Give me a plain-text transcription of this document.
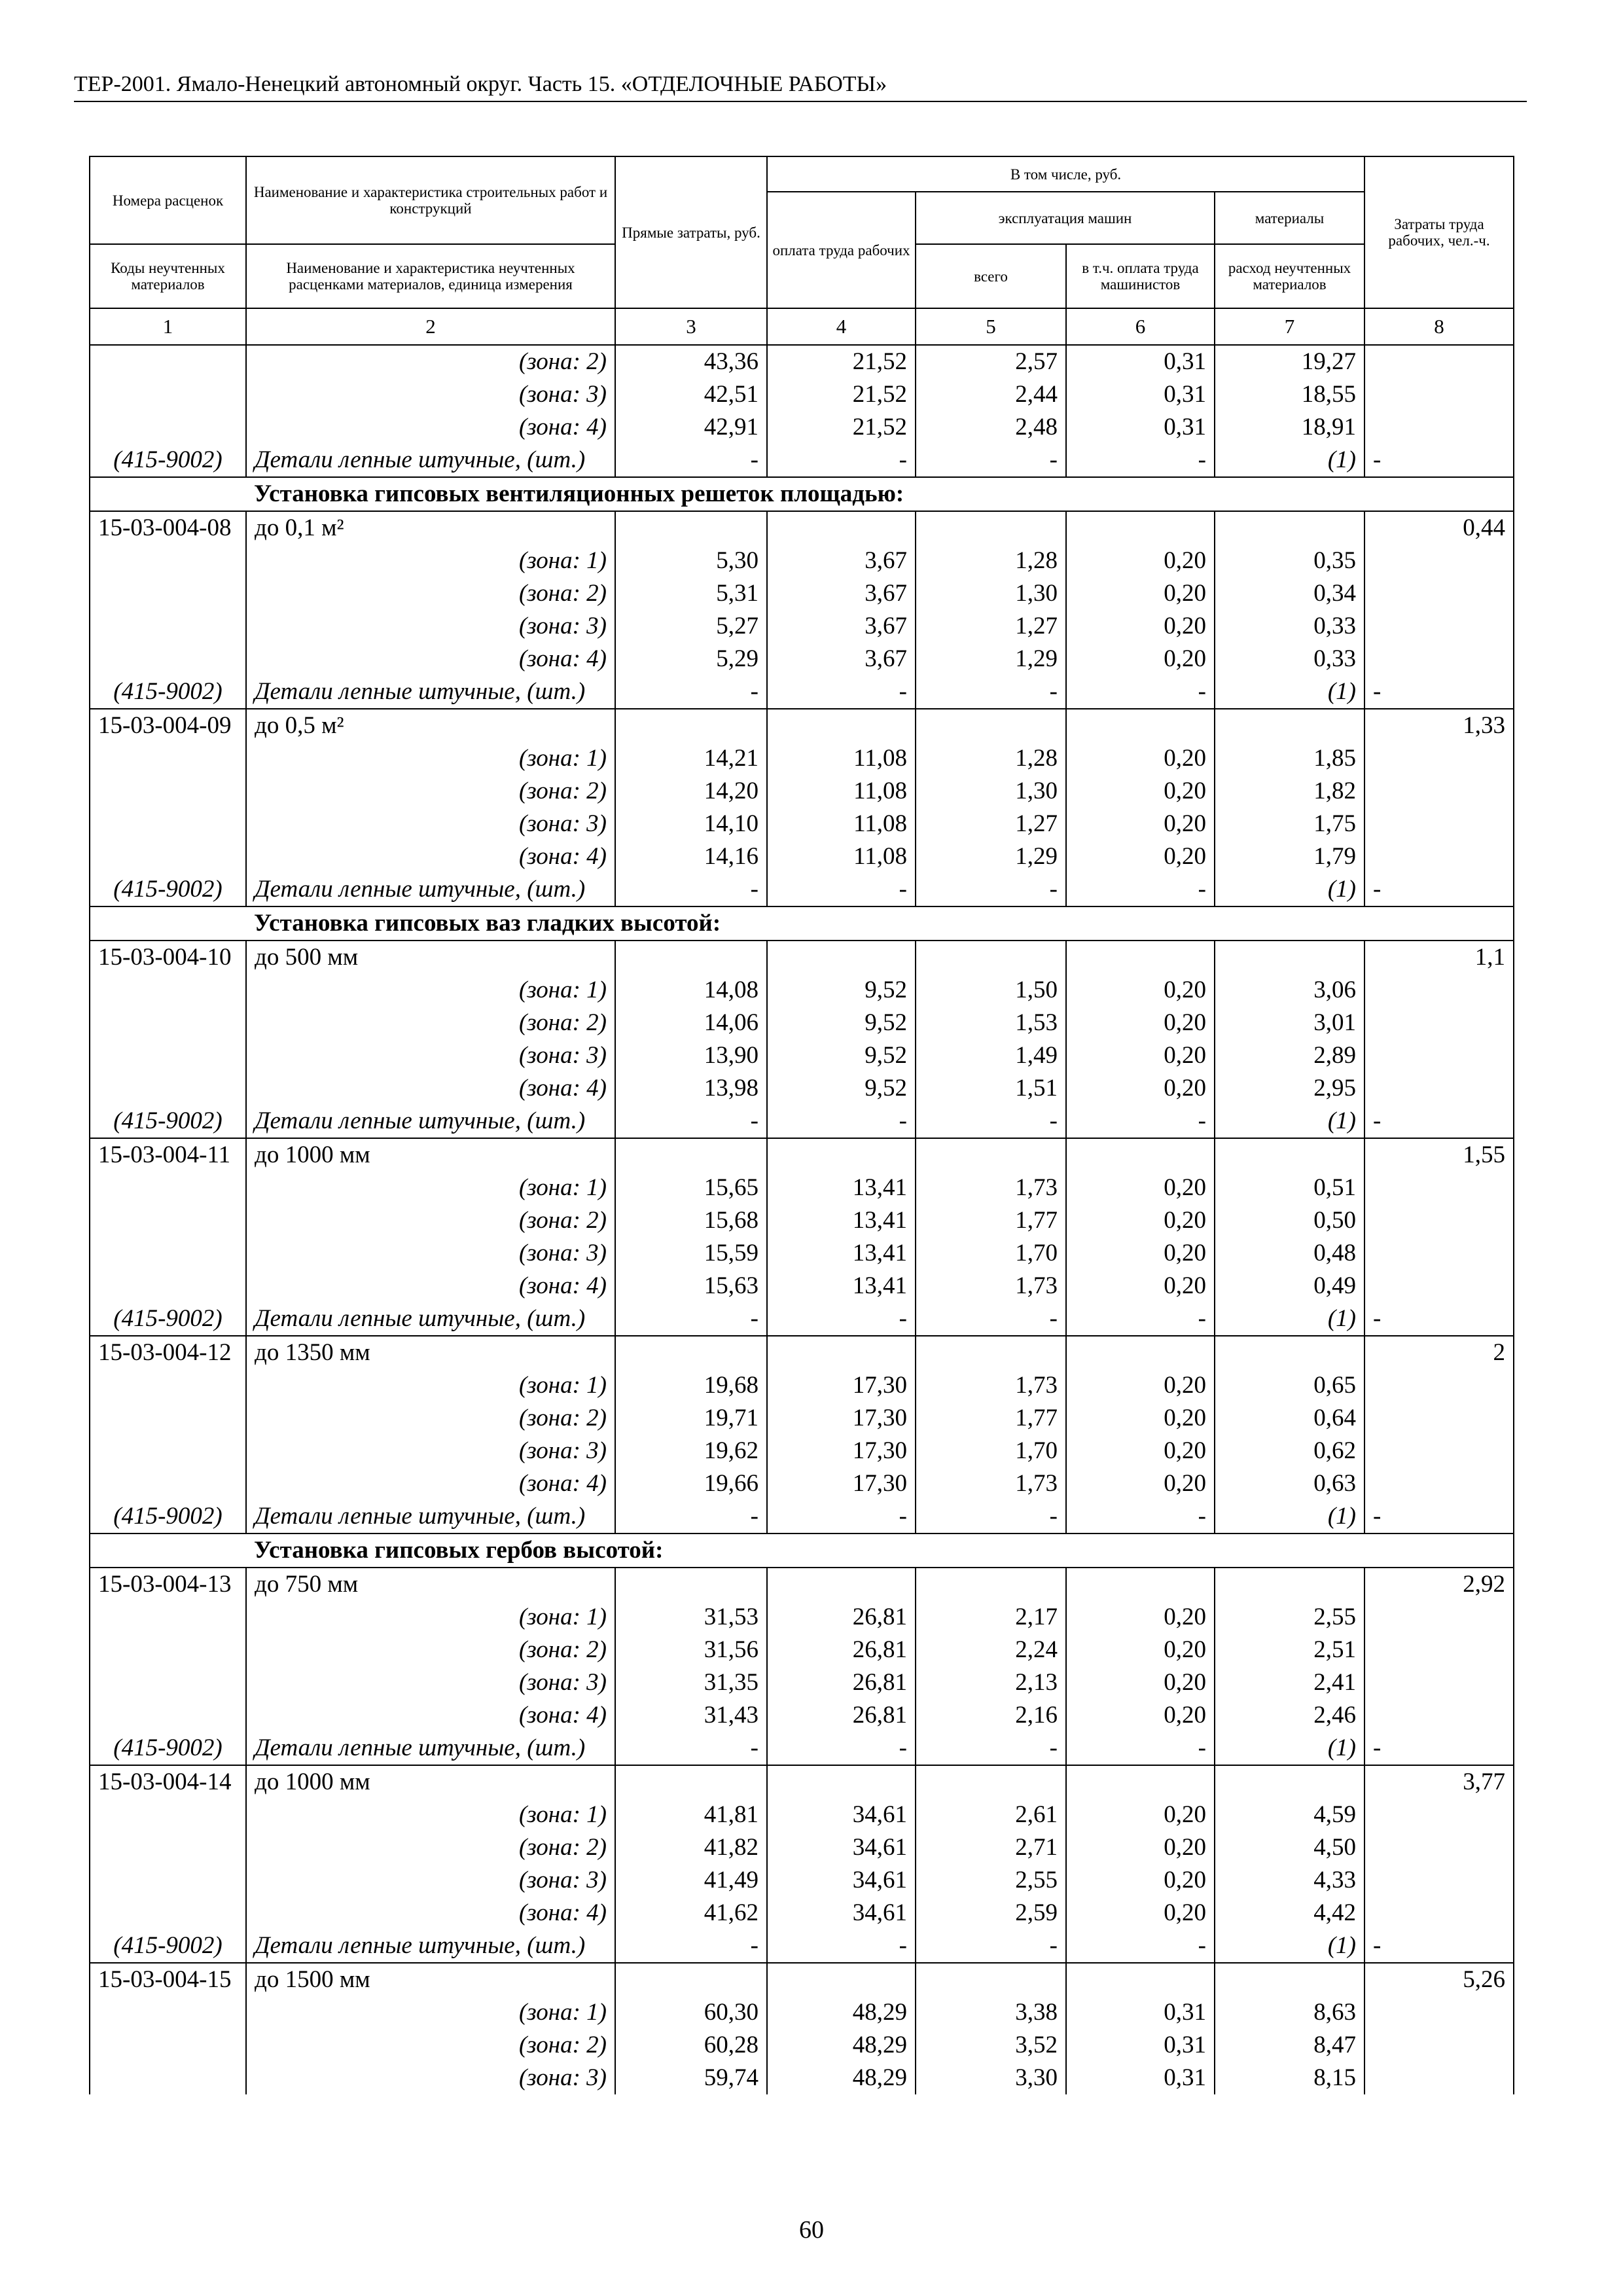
ТЕР-2001. Ямало-Ненецкий автономный округ. Часть 15. «ОТДЕЛОЧНЫЕ РАБОТЫ»
Номера расценок	Наименование и характеристика строительных работ и конструкций	Прямые затраты, руб.	В том числе, руб.				Затраты труда рабочих, чел.-ч.
			оплата труда рабочих	эксплуатация машин		материалы	
Коды неучтенных материалов	Наименование и характеристика неучтенных расценками материалов, единица измерения			всего	в т.ч. оплата труда машинистов	расход неучтенных материалов	
1	2	3	4	5	6	7	8
	(зона: 2)	43,36	21,52	2,57	0,31	19,27	
	(зона: 3)	42,51	21,52	2,44	0,31	18,55	
	(зона: 4)	42,91	21,52	2,48	0,31	18,91	
(415-9002)	Детали лепные штучные, (шт.)	-	-	-	-	(1)	-
	Установка гипсовых вентиляционных решеток площадью:						
15-03-004-08	до 0,1 м²						0,44
	(зона: 1)	5,30	3,67	1,28	0,20	0,35	
	(зона: 2)	5,31	3,67	1,30	0,20	0,34	
	(зона: 3)	5,27	3,67	1,27	0,20	0,33	
	(зона: 4)	5,29	3,67	1,29	0,20	0,33	
(415-9002)	Детали лепные штучные, (шт.)	-	-	-	-	(1)	-
15-03-004-09	до 0,5 м²						1,33
	(зона: 1)	14,21	11,08	1,28	0,20	1,85	
	(зона: 2)	14,20	11,08	1,30	0,20	1,82	
	(зона: 3)	14,10	11,08	1,27	0,20	1,75	
	(зона: 4)	14,16	11,08	1,29	0,20	1,79	
(415-9002)	Детали лепные штучные, (шт.)	-	-	-	-	(1)	-
	Установка гипсовых ваз гладких высотой:						
15-03-004-10	до 500 мм						1,1
	(зона: 1)	14,08	9,52	1,50	0,20	3,06	
	(зона: 2)	14,06	9,52	1,53	0,20	3,01	
	(зона: 3)	13,90	9,52	1,49	0,20	2,89	
	(зона: 4)	13,98	9,52	1,51	0,20	2,95	
(415-9002)	Детали лепные штучные, (шт.)	-	-	-	-	(1)	-
15-03-004-11	до 1000 мм						1,55
	(зона: 1)	15,65	13,41	1,73	0,20	0,51	
	(зона: 2)	15,68	13,41	1,77	0,20	0,50	
	(зона: 3)	15,59	13,41	1,70	0,20	0,48	
	(зона: 4)	15,63	13,41	1,73	0,20	0,49	
(415-9002)	Детали лепные штучные, (шт.)	-	-	-	-	(1)	-
15-03-004-12	до 1350 мм						2
	(зона: 1)	19,68	17,30	1,73	0,20	0,65	
	(зона: 2)	19,71	17,30	1,77	0,20	0,64	
	(зона: 3)	19,62	17,30	1,70	0,20	0,62	
	(зона: 4)	19,66	17,30	1,73	0,20	0,63	
(415-9002)	Детали лепные штучные, (шт.)	-	-	-	-	(1)	-
	Установка гипсовых гербов высотой:						
15-03-004-13	до 750 мм						2,92
	(зона: 1)	31,53	26,81	2,17	0,20	2,55	
	(зона: 2)	31,56	26,81	2,24	0,20	2,51	
	(зона: 3)	31,35	26,81	2,13	0,20	2,41	
	(зона: 4)	31,43	26,81	2,16	0,20	2,46	
(415-9002)	Детали лепные штучные, (шт.)	-	-	-	-	(1)	-
15-03-004-14	до 1000 мм						3,77
	(зона: 1)	41,81	34,61	2,61	0,20	4,59	
	(зона: 2)	41,82	34,61	2,71	0,20	4,50	
	(зона: 3)	41,49	34,61	2,55	0,20	4,33	
	(зона: 4)	41,62	34,61	2,59	0,20	4,42	
(415-9002)	Детали лепные штучные, (шт.)	-	-	-	-	(1)	-
15-03-004-15	до 1500 мм						5,26
	(зона: 1)	60,30	48,29	3,38	0,31	8,63	
	(зона: 2)	60,28	48,29	3,52	0,31	8,47	
	(зона: 3)	59,74	48,29	3,30	0,31	8,15	
60
